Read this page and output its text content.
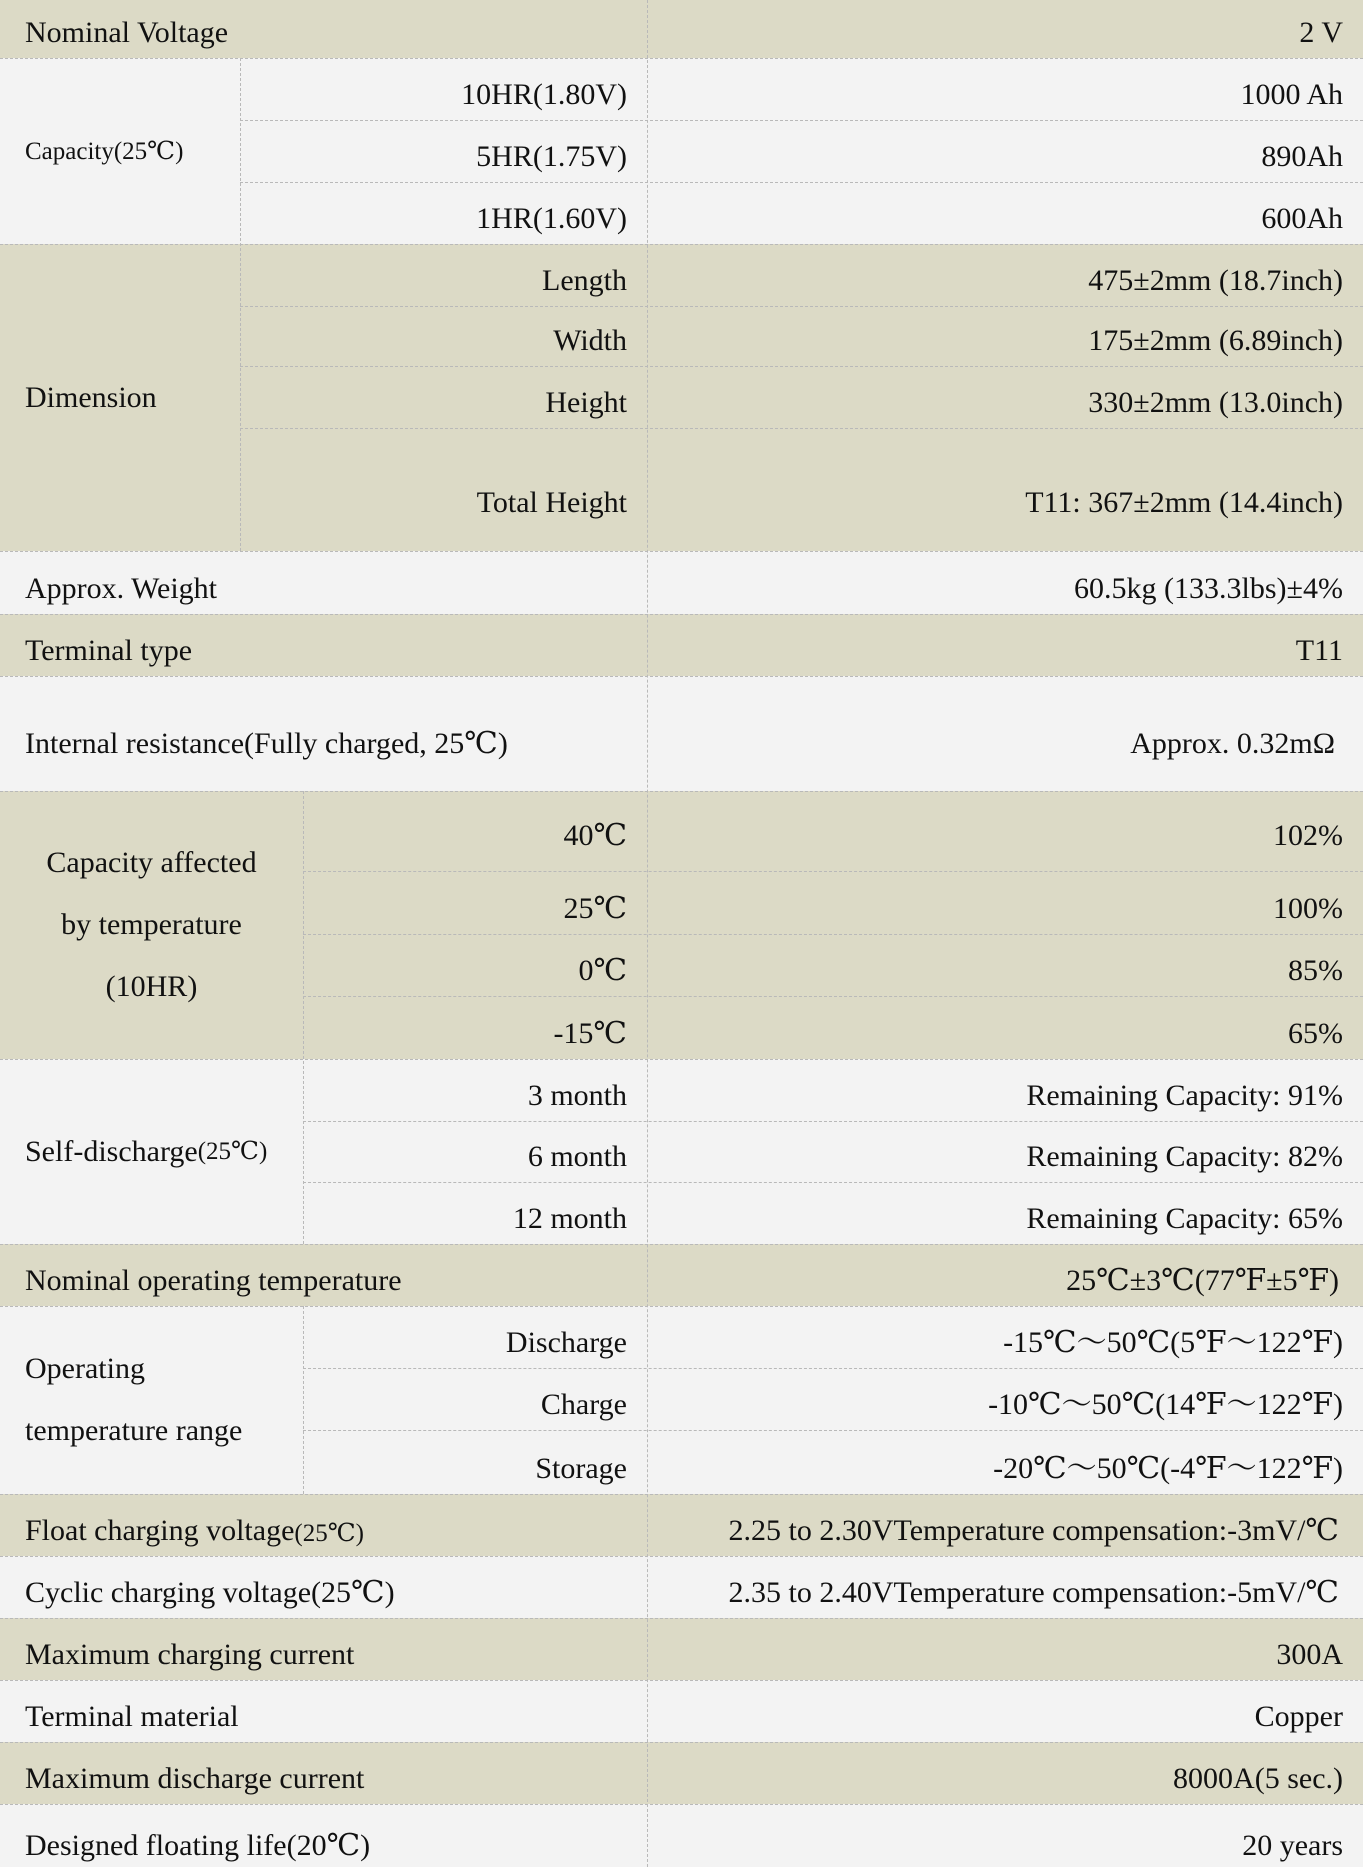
Nominal Voltage	2 V
Capacity(25℃)
10HR(1.80V)	1000 Ah
5HR(1.75V)	890Ah
1HR(1.60V)	600Ah
Dimension
Length	475±2mm (18.7inch)
Width	175±2mm (6.89inch)
Height	330±2mm (13.0inch)
Total Height	T11: 367±2mm (14.4inch)
Approx. Weight	60.5kg (133.3lbs)±4%
Terminal type	T11
Internal resistance(Fully charged, 25℃)	Approx. 0.32mΩ
Capacity affected
by temperature
(10HR)
40℃	102%
25℃	100%
0℃	85%
-15℃	65%
Self-discharge (25℃)
3 month	Remaining Capacity: 91%
6 month	Remaining Capacity: 82%
12 month	Remaining Capacity: 65%
Nominal operating temperature	25℃±3℃(77℉±5℉)
Operating
temperature range
Discharge	-15℃～50℃(5℉～122℉)
Charge	-10℃～50℃(14℉～122℉)
Storage	-20℃～50℃(-4℉～122℉)
Float charging voltage (25℃)	2.25 to 2.30VTemperature compensation:-3mV/℃
Cyclic charging voltage(25℃)	2.35 to 2.40VTemperature compensation:-5mV/℃
Maximum charging current	300A
Terminal material	Copper
Maximum discharge current	8000A(5 sec.)
Designed floating life(20℃)	20 years
